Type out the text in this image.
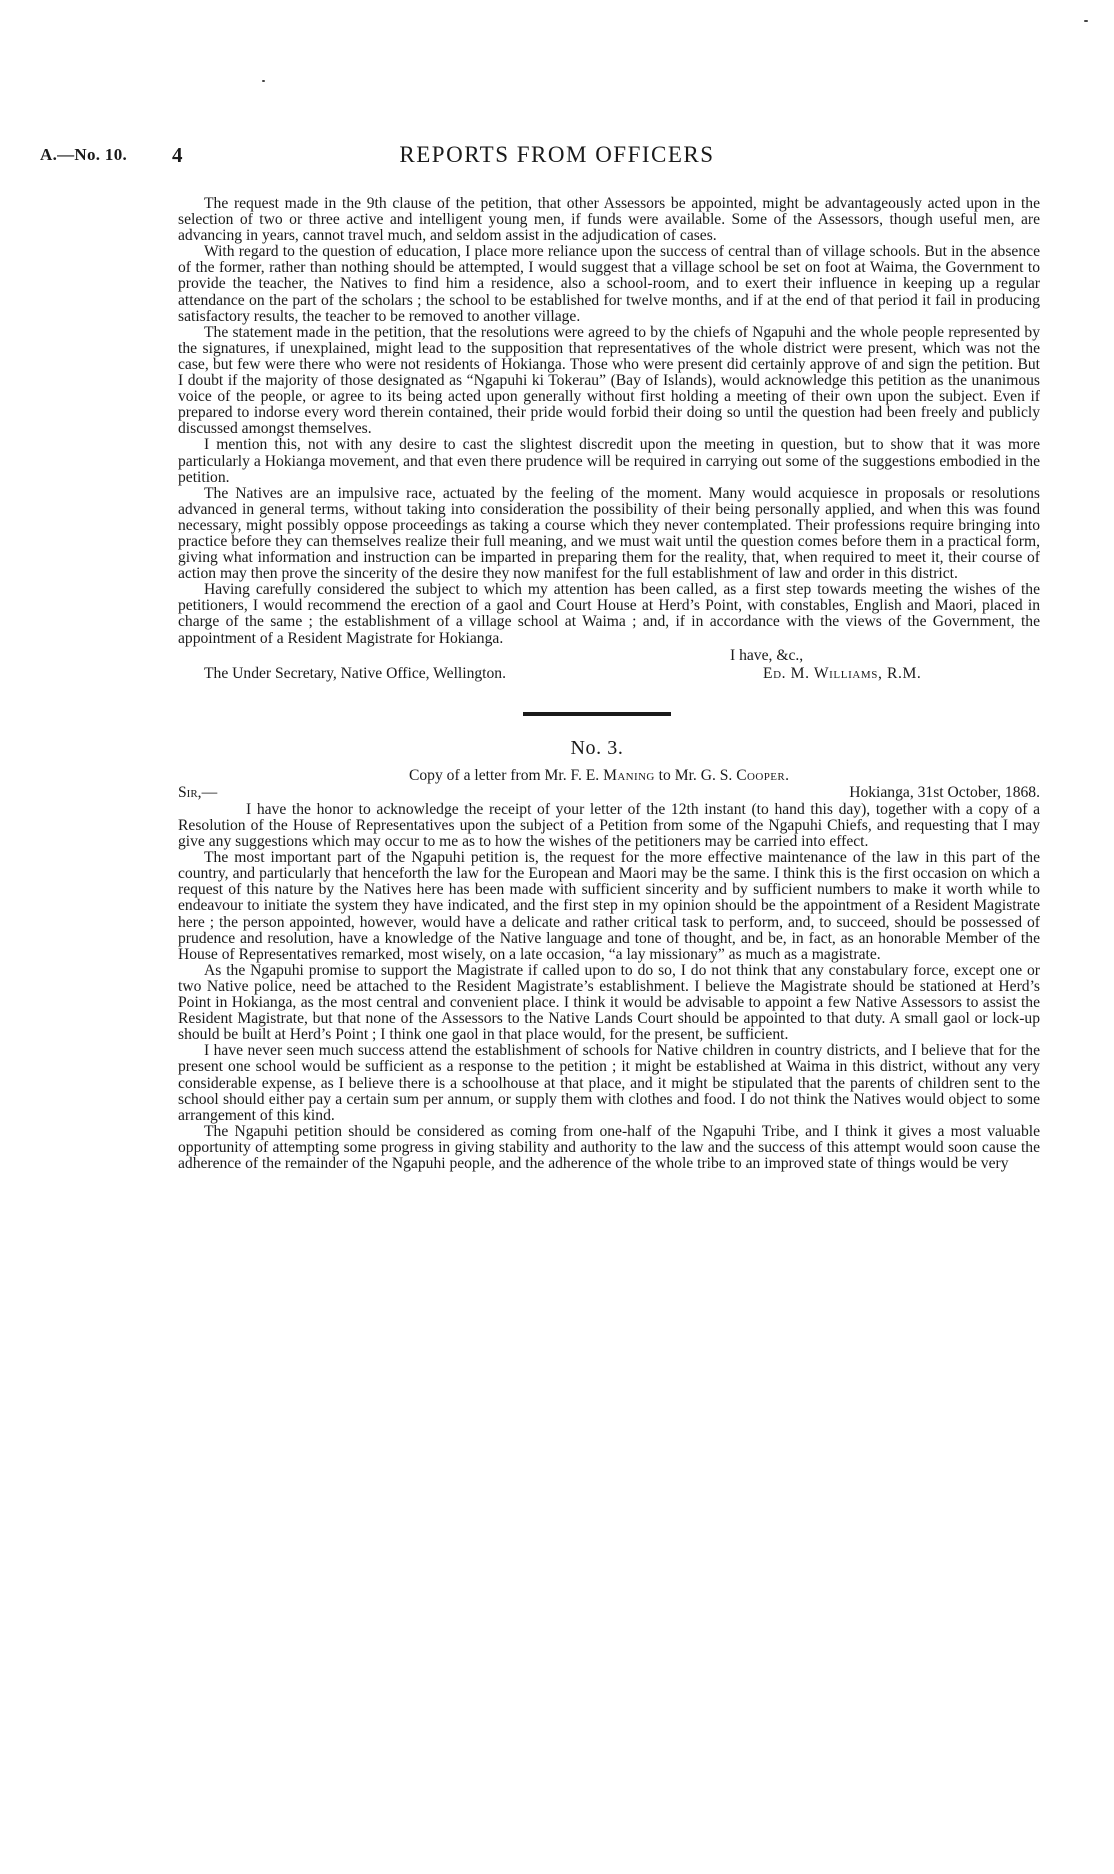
A.—No. 10. 4	REPORTS FROM OFFICERS

The request made in the 9th clause of the petition, that other Assessors be appointed, might be advantageously acted upon in the selection of two or three active and intelligent young men, if funds were available. Some of the Assessors, though useful men, are advancing in years, cannot travel much, and seldom assist in the adjudication of cases.

With regard to the question of education, I place more reliance upon the success of central than of village schools. But in the absence of the former, rather than nothing should be attempted, I would suggest that a village school be set on foot at Waima, the Government to provide the teacher, the Natives to find him a residence, also a school-room, and to exert their influence in keeping up a regular attendance on the part of the scholars ; the school to be established for twelve months, and if at the end of that period it fail in producing satisfactory results, the teacher to be removed to another village.

The statement made in the petition, that the resolutions were agreed to by the chiefs of Ngapuhi and the whole people represented by the signatures, if unexplained, might lead to the supposition that representatives of the whole district were present, which was not the case, but few were there who were not residents of Hokianga. Those who were present did certainly approve of and sign the petition. But I doubt if the majority of those designated as “Ngapuhi ki Tokerau” (Bay of Islands), would acknowledge this petition as the unanimous voice of the people, or agree to its being acted upon generally without first holding a meeting of their own upon the subject. Even if prepared to indorse every word therein contained, their pride would forbid their doing so until the question had been freely and publicly discussed amongst themselves.

I mention this, not with any desire to cast the slightest discredit upon the meeting in question, but to show that it was more particularly a Hokianga movement, and that even there prudence will be required in carrying out some of the suggestions embodied in the petition.

The Natives are an impulsive race, actuated by the feeling of the moment. Many would acquiesce in proposals or resolutions advanced in general terms, without taking into consideration the possibility of their being personally applied, and when this was found necessary, might possibly oppose proceedings as taking a course which they never contemplated. Their professions require bringing into practice before they can themselves realize their full meaning, and we must wait until the question comes before them in a practical form, giving what information and instruction can be imparted in preparing them for the reality, that, when required to meet it, their course of action may then prove the sincerity of the desire they now manifest for the full establishment of law and order in this district.

Having carefully considered the subject to which my attention has been called, as a first step towards meeting the wishes of the petitioners, I would recommend the erection of a gaol and Court House at Herd’s Point, with constables, English and Maori, placed in charge of the same ; the establishment of a village school at Waima ; and, if in accordance with the views of the Government, the appointment of a Resident Magistrate for Hokianga.

I have, &c.,
The Under Secretary, Native Office, Wellington.	Ed. M. Williams, R.M.
No. 3.
Copy of a letter from Mr. F. E. Maning to Mr. G. S. Cooper.
Sir,—	Hokianga, 31st October, 1868.

I have the honor to acknowledge the receipt of your letter of the 12th instant (to hand this day), together with a copy of a Resolution of the House of Representatives upon the subject of a Petition from some of the Ngapuhi Chiefs, and requesting that I may give any suggestions which may occur to me as to how the wishes of the petitioners may be carried into effect.

The most important part of the Ngapuhi petition is, the request for the more effective maintenance of the law in this part of the country, and particularly that henceforth the law for the European and Maori may be the same. I think this is the first occasion on which a request of this nature by the Natives here has been made with sufficient sincerity and by sufficient numbers to make it worth while to endeavour to initiate the system they have indicated, and the first step in my opinion should be the appointment of a Resident Magistrate here ; the person appointed, however, would have a delicate and rather critical task to perform, and, to succeed, should be possessed of prudence and resolution, have a knowledge of the Native language and tone of thought, and be, in fact, as an honorable Member of the House of Representatives remarked, most wisely, on a late occasion, “a lay missionary” as much as a magistrate.

As the Ngapuhi promise to support the Magistrate if called upon to do so, I do not think that any constabulary force, except one or two Native police, need be attached to the Resident Magistrate’s establishment. I believe the Magistrate should be stationed at Herd’s Point in Hokianga, as the most central and convenient place. I think it would be advisable to appoint a few Native Assessors to assist the Resident Magistrate, but that none of the Assessors to the Native Lands Court should be appointed to that duty. A small gaol or lock-up should be built at Herd’s Point ; I think one gaol in that place would, for the present, be sufficient.

I have never seen much success attend the establishment of schools for Native children in country districts, and I believe that for the present one school would be sufficient as a response to the petition ; it might be established at Waima in this district, without any very considerable expense, as I believe there is a schoolhouse at that place, and it might be stipulated that the parents of children sent to the school should either pay a certain sum per annum, or supply them with clothes and food. I do not think the Natives would object to some arrangement of this kind.

The Ngapuhi petition should be considered as coming from one-half of the Ngapuhi Tribe, and I think it gives a most valuable opportunity of attempting some progress in giving stability and authority to the law and the success of this attempt would soon cause the adherence of the remainder of the Ngapuhi people, and the adherence of the whole tribe to an improved state of things would be very
